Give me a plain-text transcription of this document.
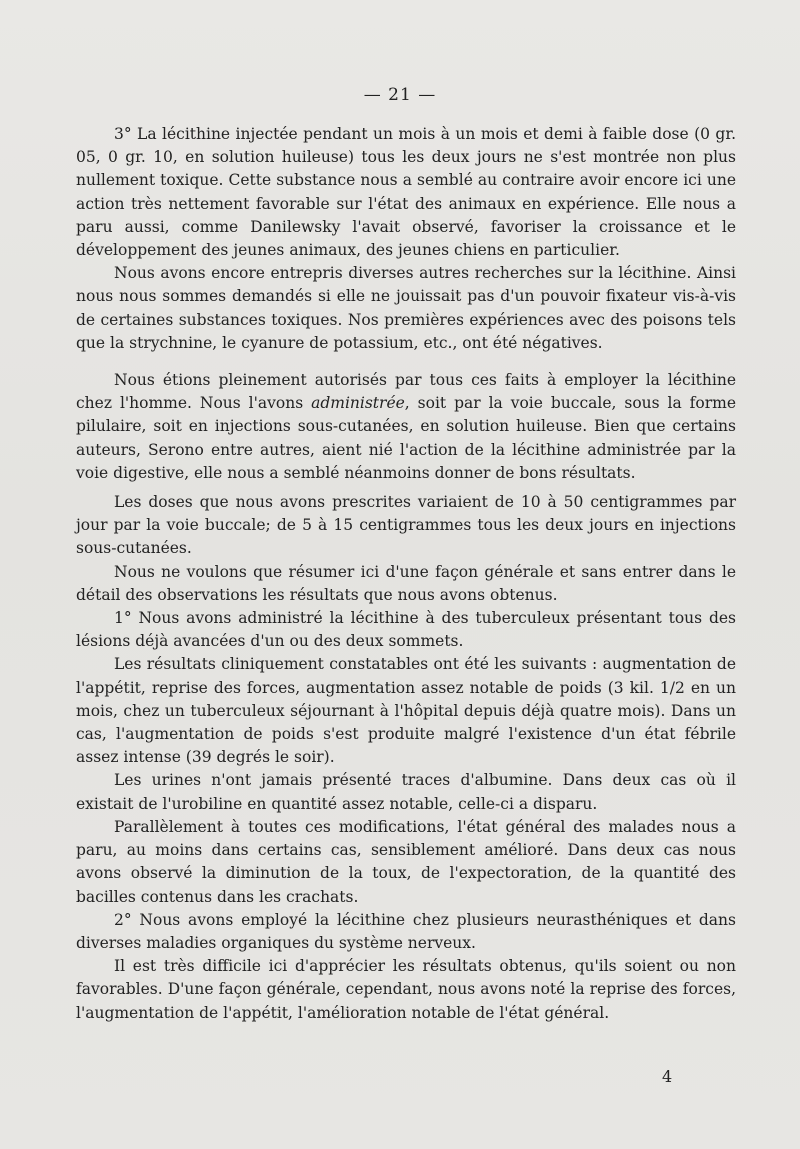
— 21 —

3° La lécithine injectée pendant un mois à un mois et demi à faible dose (0 gr. 05, 0 gr. 10, en solution huileuse) tous les deux jours ne s'est montrée non plus nullement toxique. Cette substance nous a semblé au contraire avoir encore ici une action très nettement favorable sur l'état des animaux en expérience. Elle nous a paru aussi, comme Danilewsky l'avait observé, favoriser la croissance et le développement des jeunes animaux, des jeunes chiens en particulier.

Nous avons encore entrepris diverses autres recherches sur la lécithine. Ainsi nous nous sommes demandés si elle ne jouissait pas d'un pouvoir fixateur vis-à-vis de certaines substances toxiques. Nos premières expériences avec des poisons tels que la strychnine, le cyanure de potassium, etc., ont été négatives.

Nous étions pleinement autorisés par tous ces faits à employer la lécithine chez l'homme. Nous l'avons administrée, soit par la voie buccale, sous la forme pilulaire, soit en injections sous-cutanées, en solution huileuse. Bien que certains auteurs, Serono entre autres, aient nié l'action de la lécithine administrée par la voie digestive, elle nous a semblé néanmoins donner de bons résultats.

Les doses que nous avons prescrites variaient de 10 à 50 centigrammes par jour par la voie buccale; de 5 à 15 centigrammes tous les deux jours en injections sous-cutanées.

Nous ne voulons que résumer ici d'une façon générale et sans entrer dans le détail des observations les résultats que nous avons obtenus.

1° Nous avons administré la lécithine à des tuberculeux présentant tous des lésions déjà avancées d'un ou des deux sommets.

Les résultats cliniquement constatables ont été les suivants : augmentation de l'appétit, reprise des forces, augmentation assez notable de poids (3 kil. 1/2 en un mois, chez un tuberculeux séjournant à l'hôpital depuis déjà quatre mois). Dans un cas, l'augmentation de poids s'est produite malgré l'existence d'un état fébrile assez intense (39 degrés le soir).

Les urines n'ont jamais présenté traces d'albumine. Dans deux cas où il existait de l'urobiline en quantité assez notable, celle-ci a disparu.

Parallèlement à toutes ces modifications, l'état général des malades nous a paru, au moins dans certains cas, sensiblement amélioré. Dans deux cas nous avons observé la diminution de la toux, de l'expectoration, de la quantité des bacilles contenus dans les crachats.

2° Nous avons employé la lécithine chez plusieurs neurasthéniques et dans diverses maladies organiques du système nerveux.

Il est très difficile ici d'apprécier les résultats obtenus, qu'ils soient ou non favorables. D'une façon générale, cependant, nous avons noté la reprise des forces, l'augmentation de l'appétit, l'amélioration notable de l'état général.

4
